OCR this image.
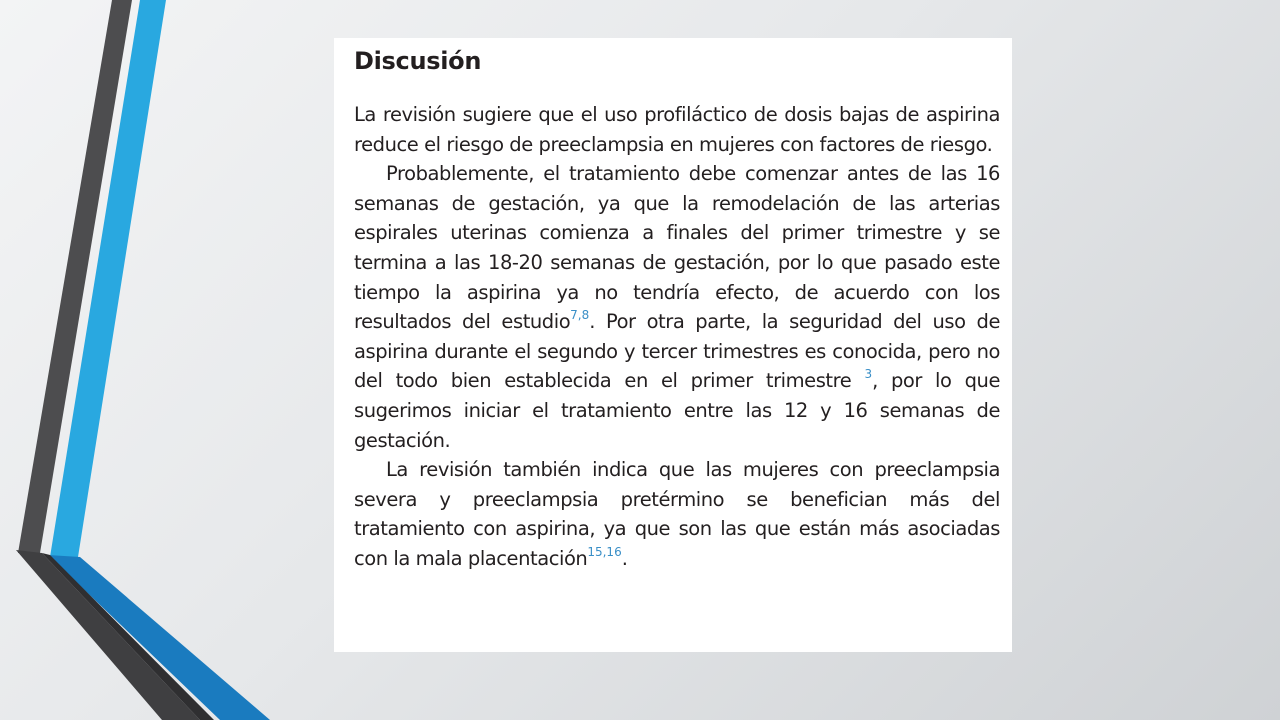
Discusión

La revisión sugiere que el uso profiláctico de dosis bajas de aspirina reduce el riesgo de preeclampsia en mujeres con factores de riesgo.

Probablemente, el tratamiento debe comenzar antes de las 16 semanas de gestación, ya que la remodelación de las arterias espirales uterinas comienza a finales del primer trimestre y se termina a las 18-20 semanas de gestación, por lo que pasado este tiempo la aspirina ya no tendría efecto, de acuerdo con los resultados del estudio$^{7,8}$. Por otra parte, la seguridad del uso de aspirina durante el segundo y tercer trimestres es conocida, pero no del todo bien establecida en el primer trimestre $^3$, por lo que sugerimos iniciar el tratamiento entre las 12 y 16 semanas de gestación.

La revisión también indica que las mujeres con preeclampsia severa y preeclampsia pretérmino se benefician más del tratamiento con aspirina, ya que son las que están más asociadas con la mala placentación$^{15,16}$.
